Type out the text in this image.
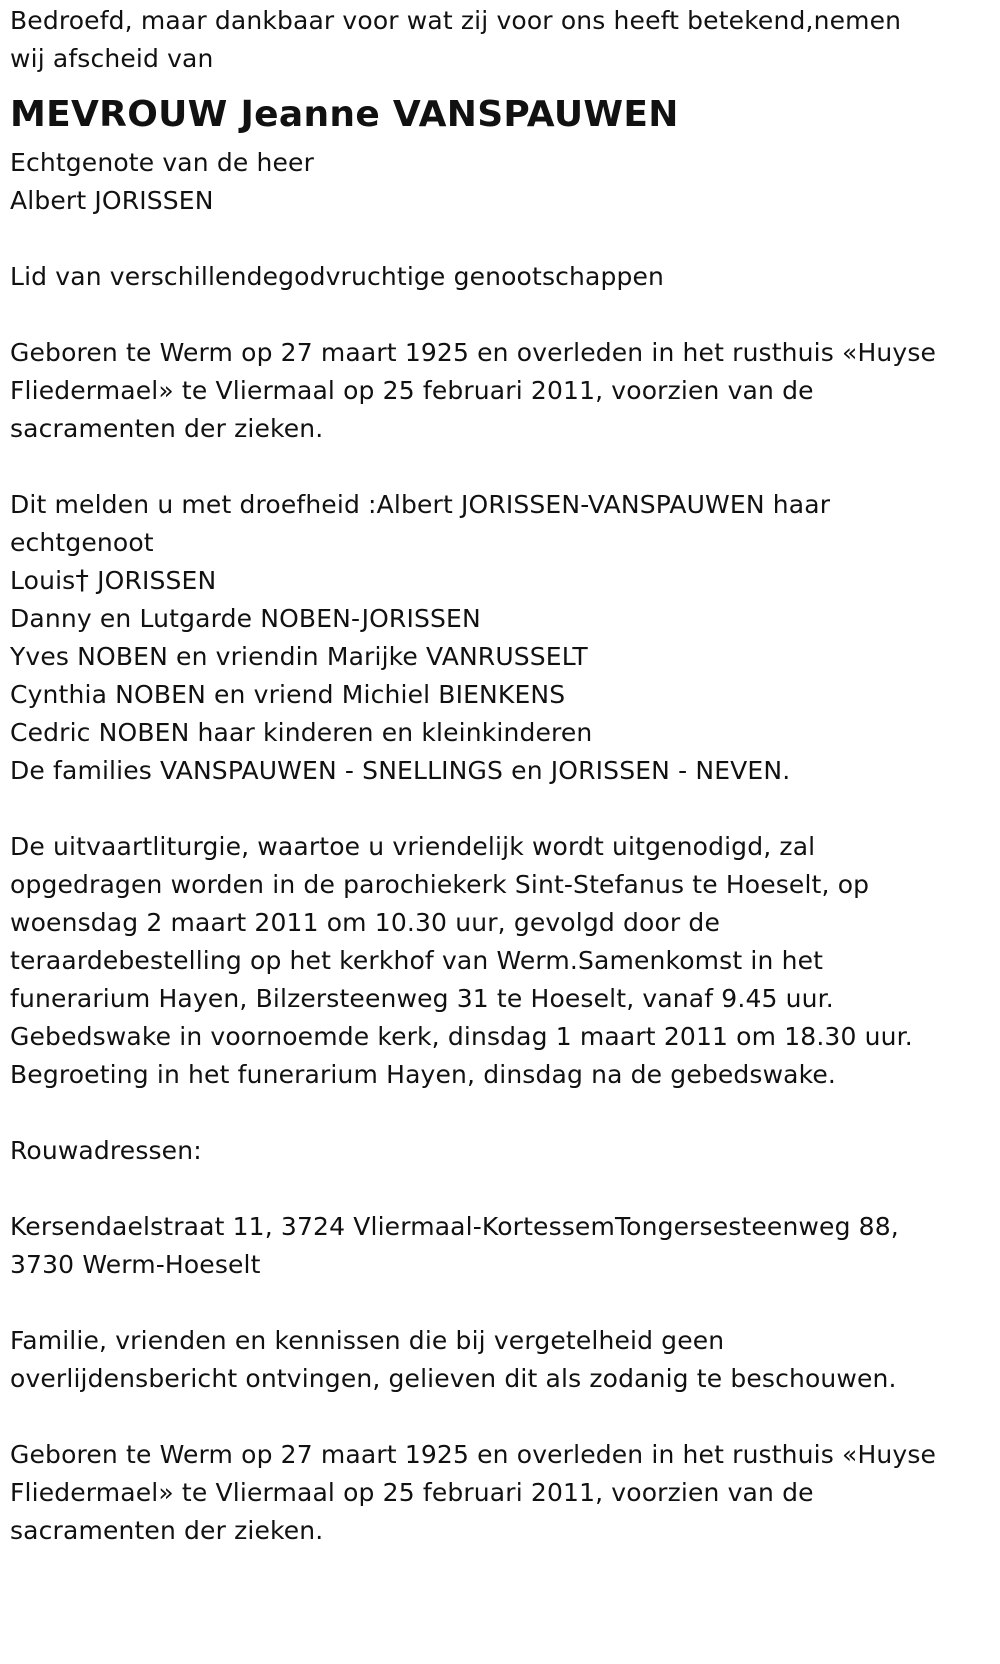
Bedroefd, maar dankbaar voor wat zij voor ons heeft betekend,nemen
wij afscheid van

MEVROUW Jeanne VANSPAUWEN

Echtgenote van de heer
Albert JORISSEN

Lid van verschillendegodvruchtige genootschappen

Geboren te Werm op 27 maart 1925 en overleden in het rusthuis «Huyse
Fliedermael» te Vliermaal op 25 februari 2011, voorzien van de
sacramenten der zieken.

Dit melden u met droefheid :Albert JORISSEN-VANSPAUWEN haar
echtgenoot
Louis† JORISSEN
Danny en Lutgarde NOBEN-JORISSEN
Yves NOBEN en vriendin Marijke VANRUSSELT
Cynthia NOBEN en vriend Michiel BIENKENS
Cedric NOBEN haar kinderen en kleinkinderen
De families VANSPAUWEN - SNELLINGS en JORISSEN - NEVEN.

De uitvaartliturgie, waartoe u vriendelijk wordt uitgenodigd, zal
opgedragen worden in de parochiekerk Sint-Stefanus te Hoeselt, op
woensdag 2 maart 2011 om 10.30 uur, gevolgd door de
teraardebestelling op het kerkhof van Werm.Samenkomst in het
funerarium Hayen, Bilzersteenweg 31 te Hoeselt, vanaf 9.45 uur.
Gebedswake in voornoemde kerk, dinsdag 1 maart 2011 om 18.30 uur.
Begroeting in het funerarium Hayen, dinsdag na de gebedswake.

Rouwadressen:

Kersendaelstraat 11, 3724 Vliermaal-KortessemTongersesteenweg 88,
3730 Werm-Hoeselt

Familie, vrienden en kennissen die bij vergetelheid geen
overlijdensbericht ontvingen, gelieven dit als zodanig te beschouwen.

Geboren te Werm op 27 maart 1925 en overleden in het rusthuis «Huyse
Fliedermael» te Vliermaal op 25 februari 2011, voorzien van de
sacramenten der zieken.
